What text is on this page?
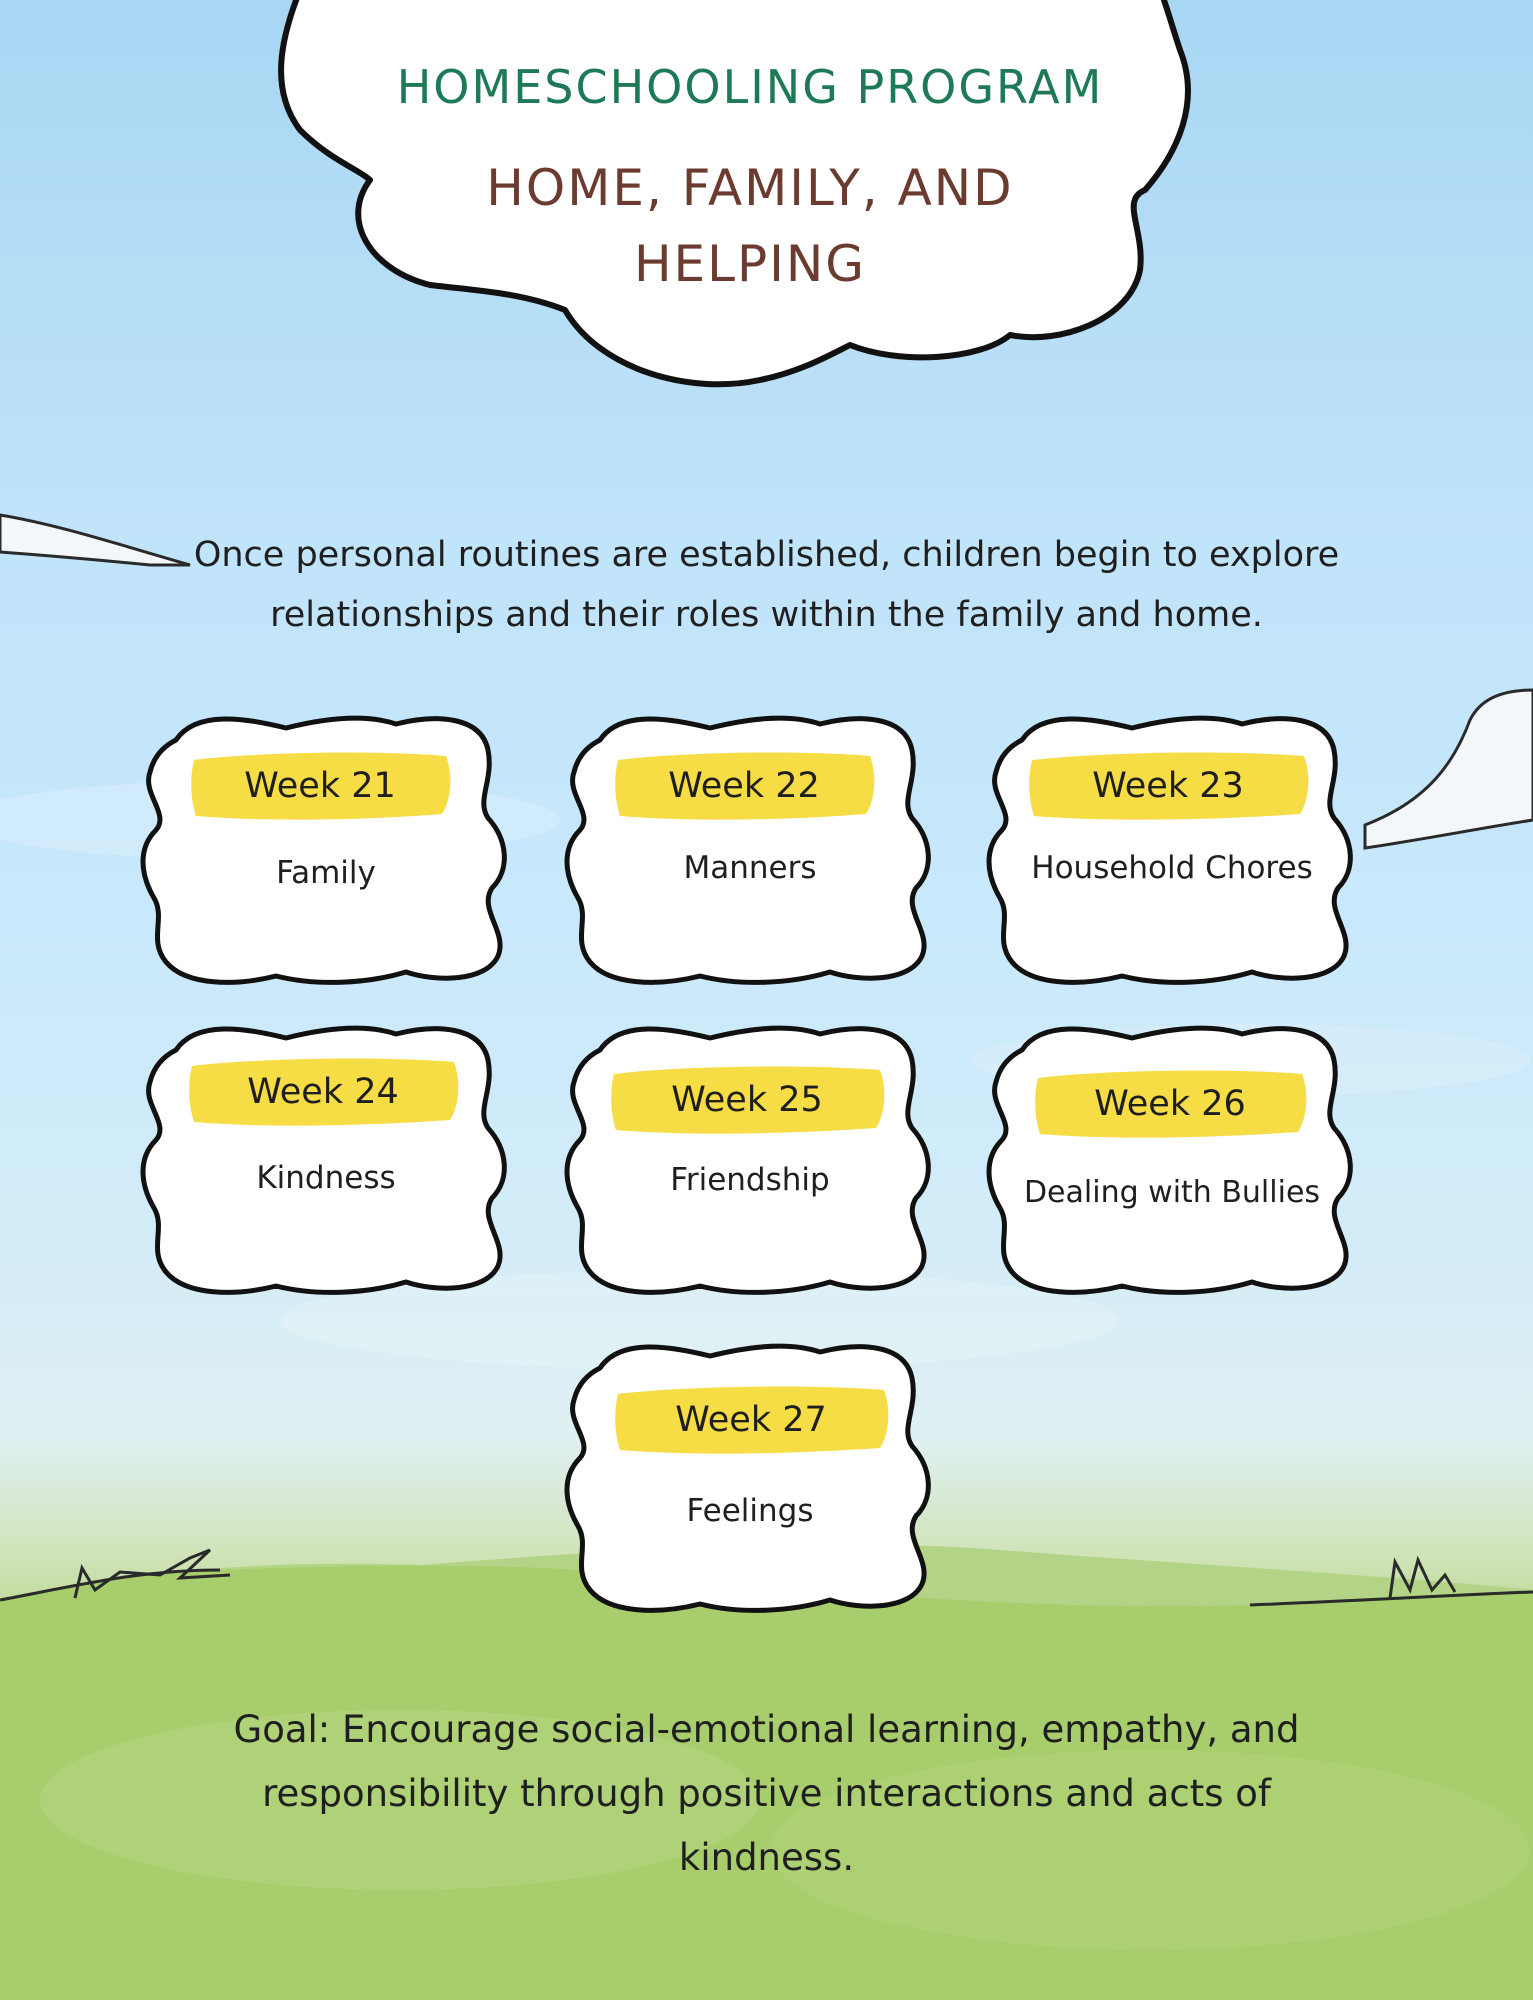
HOMESCHOOLING PROGRAM
HOME, FAMILY, AND
HELPING
Once personal routines are established, children begin to explore
relationships and their roles within the family and home.
Week 21
Family
Week 22
Manners
Week 23
Household Chores
Week 24
Kindness
Week 25
Friendship
Week 26
Dealing with Bullies
Week 27
Feelings
Goal: Encourage social-emotional learning, empathy, and
responsibility through positive interactions and acts of
kindness.
